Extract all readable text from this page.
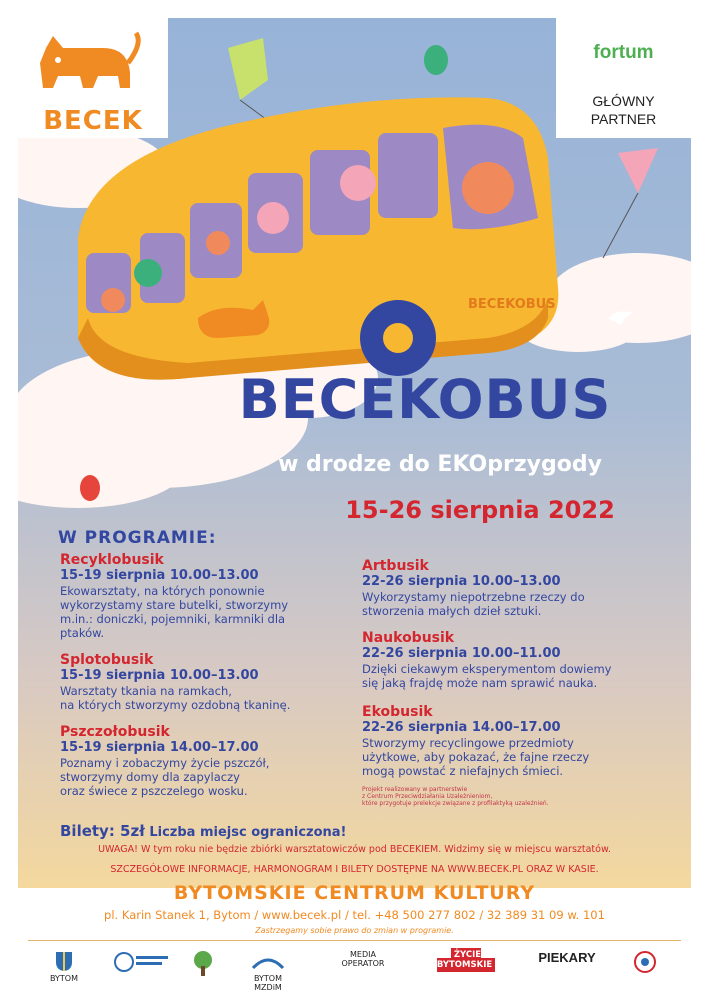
BECEKOBUS
BECEK
fortum
GŁÓWNY
PARTNER
BECEKOBUS
w drodze do EKOprzygody
15-26 sierpnia 2022
W PROGRAMIE:
Recyklobusik
15-19 sierpnia 10.00–13.00
Ekowarsztaty, na których ponownie
wykorzystamy stare butelki, stworzymy
m.in.: doniczki, pojemniki, karmniki dla
ptaków.
Splotobusik
15-19 sierpnia 10.00–13.00
Warsztaty tkania na ramkach,
na których stworzymy ozdobną tkaninę.
Pszczołobusik
15-19 sierpnia 14.00–17.00
Poznamy i zobaczymy życie pszczół,
stworzymy domy dla zapylaczy
oraz świece z pszczelego wosku.
Artbusik
22-26 sierpnia 10.00–13.00
Wykorzystamy niepotrzebne rzeczy do
stworzenia małych dzieł sztuki.
Naukobusik
22-26 sierpnia 10.00–11.00
Dzięki ciekawym eksperymentom dowiemy
się jaką frajdę może nam sprawić nauka.
Ekobusik
22-26 sierpnia 14.00–17.00
Stworzymy recyclingowe przedmioty
użytkowe, aby pokazać, że fajne rzeczy
mogą powstać z niefajnych śmieci.
Projekt realizowany w partnerstwie
z Centrum Przeciwdziałania Uzależnieniom,
które przygotuje prelekcje związane z profilaktyką uzależnień.
Bilety: 5zł Liczba miejsc ograniczona!
UWAGA! W tym roku nie będzie zbiórki warsztatowiczów pod BECEKIEM. Widzimy się w miejscu warsztatów.
SZCZEGÓŁOWE INFORMACJE, HARMONOGRAM I BILETY DOSTĘPNE NA WWW.BECEK.PL ORAZ W KASIE.
BYTOMSKIE CENTRUM KULTURY
pl. Karin Stanek 1, Bytom / www.becek.pl / tel. +48 500 277 802 / 32 389 31 09 w. 101
Zastrzegamy sobie prawo do zmian w programie.
BYTOM	BYTOM MZDiM
MEDIA OPERATOR
ŻYCIE BYTOMSKIE	PIEKARY
